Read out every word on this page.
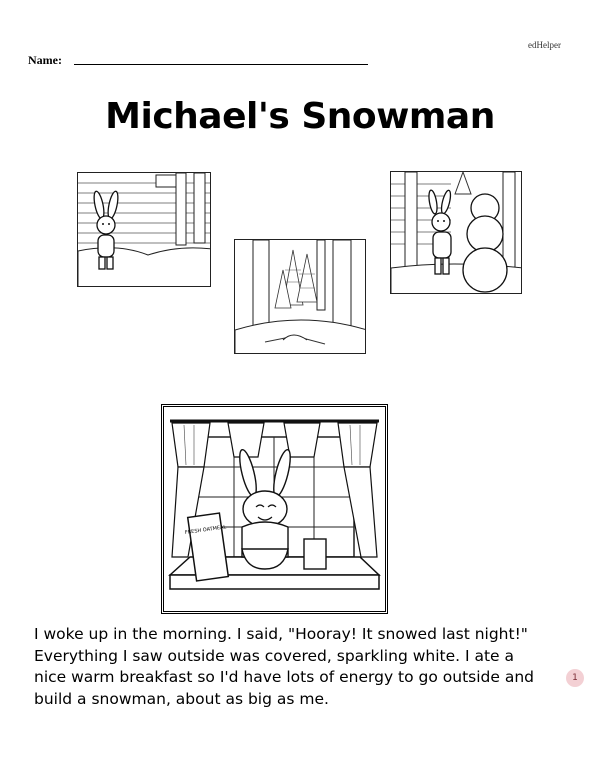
edHelper
Name:
Michael's Snowman
FRESH OATMEAL

I woke up in the morning. I said, "Hooray! It snowed last night!"

Everything I saw outside was covered, sparkling white. I ate a

nice warm breakfast so I'd have lots of energy to go outside and

build a snowman, about as big as me.

1
